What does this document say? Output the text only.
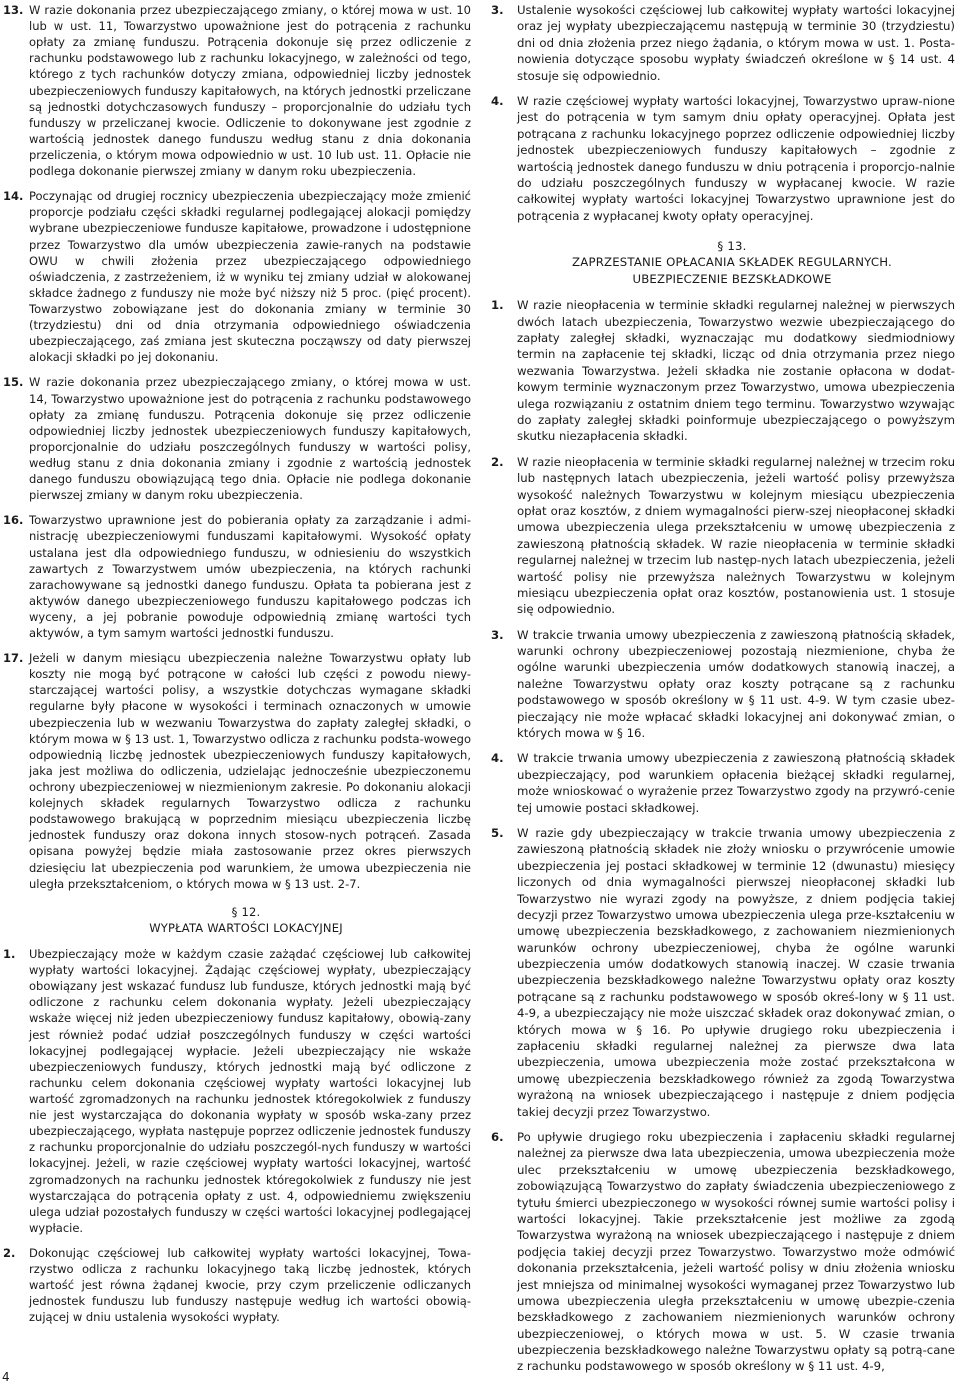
13. W razie dokonania przez ubezpieczającego zmiany, o której mowa w ust. 10 lub w ust. 11, Towarzystwo upoważnione jest do potrącenia z rachunku opłaty za zmianę funduszu. Potrącenia dokonuje się przez odliczenie z rachunku podstawowego lub z rachunku lokacyjnego, w zależności od tego, którego z tych rachunków dotyczy zmiana, odpowiedniej liczby jednostek ubezpieczeniowych funduszy kapitałowych, na których jednostki przeliczane są jednostki dotychczasowych funduszy – proporcjonalnie do udziału tych funduszy w przeliczanej kwocie. Odliczenie to dokonywane jest zgodnie z wartością jednostek danego funduszu według stanu z dnia dokonania przeliczenia, o którym mowa odpowiednio w ust. 10 lub ust. 11. Opłacie nie podlega dokonanie pierwszej zmiany w danym roku ubezpieczenia.
14. Poczynając od drugiej rocznicy ubezpieczenia ubezpieczający może zmienić proporcje podziału części składki regularnej podlegającej alokacji pomiędzy wybrane ubezpieczeniowe fundusze kapitałowe, prowadzone i udostępnione przez Towarzystwo dla umów ubezpieczenia zawie-ranych na podstawie OWU w chwili złożenia przez ubezpieczającego odpowiedniego oświadczenia, z zastrzeżeniem, iż w wyniku tej zmiany udział w alokowanej składce żadnego z funduszy nie może być niższy niż 5 proc. (pięć procent). Towarzystwo zobowiązane jest do dokonania zmiany w terminie 30 (trzydziestu) dni od dnia otrzymania odpowiedniego oświadczenia ubezpieczającego, zaś zmiana jest skuteczna począwszy od daty pierwszej alokacji składki po jej dokonaniu.
15. W razie dokonania przez ubezpieczającego zmiany, o której mowa w ust. 14, Towarzystwo upoważnione jest do potrącenia z rachunku podstawowego opłaty za zmianę funduszu. Potrącenia dokonuje się przez odliczenie odpowiedniej liczby jednostek ubezpieczeniowych funduszy kapitałowych, proporcjonalnie do udziału poszczególnych funduszy w wartości polisy, według stanu z dnia dokonania zmiany i zgodnie z wartością jednostek danego funduszu obowiązującą tego dnia. Opłacie nie podlega dokonanie pierwszej zmiany w danym roku ubezpieczenia.
16. Towarzystwo uprawnione jest do pobierania opłaty za zarządzanie i admi-nistrację ubezpieczeniowymi funduszami kapitałowymi. Wysokość opłaty ustalana jest dla odpowiedniego funduszu, w odniesieniu do wszystkich zawartych z Towarzystwem umów ubezpieczenia, na których rachunki zarachowywane są jednostki danego funduszu. Opłata ta pobierana jest z aktywów danego ubezpieczeniowego funduszu kapitałowego podczas ich wyceny, a jej pobranie powoduje odpowiednią zmianę wartości tych aktywów, a tym samym wartości jednostki funduszu.
17. Jeżeli w danym miesiącu ubezpieczenia należne Towarzystwu opłaty lub koszty nie mogą być potrącone w całości lub części z powodu niewy-starczającej wartości polisy, a wszystkie dotychczas wymagane składki regularne były płacone w wysokości i terminach oznaczonych w umowie ubezpieczenia lub w wezwaniu Towarzystwa do zapłaty zaległej składki, o którym mowa w § 13 ust. 1, Towarzystwo odlicza z rachunku podsta-wowego odpowiednią liczbę jednostek ubezpieczeniowych funduszy kapitałowych, jaka jest możliwa do odliczenia, udzielając jednocześnie ubezpieczonemu ochrony ubezpieczeniowej w niezmienionym zakresie. Po dokonaniu alokacji kolejnych składek regularnych Towarzystwo odlicza z rachunku podstawowego brakującą w poprzednim miesiącu ubezpieczenia liczbę jednostek funduszy oraz dokona innych stosow-nych potrąceń. Zasada opisana powyżej będzie miała zastosowanie przez okres pierwszych dziesięciu lat ubezpieczenia pod warunkiem, że umowa ubezpieczenia nie uległa przekształceniom, o których mowa w § 13 ust. 2-7.
§ 12.
WYPŁATA WARTOŚCI LOKACYJNEJ
1. Ubezpieczający może w każdym czasie zażądać częściowej lub całkowitej wypłaty wartości lokacyjnej. Żądając częściowej wypłaty, ubezpieczający obowiązany jest wskazać fundusz lub fundusze, których jednostki mają być odliczone z rachunku celem dokonania wypłaty. Jeżeli ubezpieczający wskaże więcej niż jeden ubezpieczeniowy fundusz kapitałowy, obowią-zany jest również podać udział poszczególnych funduszy w części wartości lokacyjnej podlegającej wypłacie. Jeżeli ubezpieczający nie wskaże ubezpieczeniowych funduszy, których jednostki mają być odliczone z rachunku celem dokonania częściowej wypłaty wartości lokacyjnej lub wartość zgromadzonych na rachunku jednostek któregokolwiek z funduszy nie jest wystarczająca do dokonania wypłaty w sposób wska-zany przez ubezpieczającego, wypłata następuje poprzez odliczenie jednostek funduszy z rachunku proporcjonalnie do udziału poszczegól-nych funduszy w wartości lokacyjnej. Jeżeli, w razie częściowej wypłaty wartości lokacyjnej, wartość zgromadzonych na rachunku jednostek któregokolwiek z funduszy nie jest wystarczająca do potrącenia opłaty z ust. 4, odpowiedniemu zwiększeniu ulega udział pozostałych funduszy w części wartości lokacyjnej podlegającej wypłacie.
2. Dokonując częściowej lub całkowitej wypłaty wartości lokacyjnej, Towa-rzystwo odlicza z rachunku lokacyjnego taką liczbę jednostek, których wartość jest równa żądanej kwocie, przy czym przeliczenie odliczanych jednostek funduszu lub funduszy następuje według ich wartości obowią-zującej w dniu ustalenia wysokości wypłaty.
3. Ustalenie wysokości częściowej lub całkowitej wypłaty wartości lokacyjnej oraz jej wypłaty ubezpieczającemu następują w terminie 30 (trzydziestu) dni od dnia złożenia przez niego żądania, o którym mowa w ust. 1. Posta-nowienia dotyczące sposobu wypłaty świadczeń określone w § 14 ust. 4 stosuje się odpowiednio.
4. W razie częściowej wypłaty wartości lokacyjnej, Towarzystwo upraw-nione jest do potrącenia w tym samym dniu opłaty operacyjnej. Opłata jest potrącana z rachunku lokacyjnego poprzez odliczenie odpowiedniej liczby jednostek ubezpieczeniowych funduszy kapitałowych – zgodnie z wartością jednostek danego funduszu w dniu potrącenia i proporcjo-nalnie do udziału poszczególnych funduszy w wypłacanej kwocie. W razie całkowitej wypłaty wartości lokacyjnej Towarzystwo uprawnione jest do potrącenia z wypłacanej kwoty opłaty operacyjnej.
§ 13.
ZAPRZESTANIE OPŁACANIA SKŁADEK REGULARNYCH.
UBEZPIECZENIE BEZSKŁADKOWE
1. W razie nieopłacenia w terminie składki regularnej należnej w pierwszych dwóch latach ubezpieczenia, Towarzystwo wezwie ubezpieczającego do zapłaty zaległej składki, wyznaczając mu dodatkowy siedmiodniowy termin na zapłacenie tej składki, licząc od dnia otrzymania przez niego wezwania Towarzystwa. Jeżeli składka nie zostanie opłacona w dodat-kowym terminie wyznaczonym przez Towarzystwo, umowa ubezpieczenia ulega rozwiązaniu z ostatnim dniem tego terminu. Towarzystwo wzywając do zapłaty zaległej składki poinformuje ubezpieczającego o powyższym skutku niezapłacenia składki.
2. W razie nieopłacenia w terminie składki regularnej należnej w trzecim roku lub następnych latach ubezpieczenia, jeżeli wartość polisy przewyższa wysokość należnych Towarzystwu w kolejnym miesiącu ubezpieczenia opłat oraz kosztów, z dniem wymagalności pierw-szej nieopłaconej składki umowa ubezpieczenia ulega przekształceniu w umowę ubezpieczenia z zawieszoną płatnością składek. W razie nieopłacenia w terminie składki regularnej należnej w trzecim lub następ-nych latach ubezpieczenia, jeżeli wartość polisy nie przewyższa należnych Towarzystwu w kolejnym miesiącu ubezpieczenia opłat oraz kosztów, postanowienia ust. 1 stosuje się odpowiednio.
3. W trakcie trwania umowy ubezpieczenia z zawieszoną płatnością składek, warunki ochrony ubezpieczeniowej pozostają niezmienione, chyba że ogólne warunki ubezpieczenia umów dodatkowych stanowią inaczej, a należne Towarzystwu opłaty oraz koszty potrącane są z rachunku podstawowego w sposób określony w § 11 ust. 4-9. W tym czasie ubez-pieczający nie może wpłacać składki lokacyjnej ani dokonywać zmian, o których mowa w § 16.
4. W trakcie trwania umowy ubezpieczenia z zawieszoną płatnością składek ubezpieczający, pod warunkiem opłacenia bieżącej składki regularnej, może wnioskować o wyrażenie przez Towarzystwo zgody na przywró-cenie tej umowie postaci składkowej.
5. W razie gdy ubezpieczający w trakcie trwania umowy ubezpieczenia z zawieszoną płatnością składek nie złoży wniosku o przywrócenie umowie ubezpieczenia jej postaci składkowej w terminie 12 (dwunastu) miesięcy liczonych od dnia wymagalności pierwszej nieopłaconej składki lub Towarzystwo nie wyrazi zgody na powyższe, z dniem podjęcia takiej decyzji przez Towarzystwo umowa ubezpieczenia ulega prze-kształceniu w umowę ubezpieczenia bezskładkowego, z zachowaniem niezmienionych warunków ochrony ubezpieczeniowej, chyba że ogólne warunki ubezpieczenia umów dodatkowych stanowią inaczej. W czasie trwania ubezpieczenia bezskładkowego należne Towarzystwu opłaty oraz koszty potrącane są z rachunku podstawowego w sposób okreś-lony w § 11 ust. 4-9, a ubezpieczający nie może uiszczać składek oraz dokonywać zmian, o których mowa w § 16. Po upływie drugiego roku ubezpieczenia i zapłaceniu składki regularnej należnej za pierwsze dwa lata ubezpieczenia, umowa ubezpieczenia może zostać przekształcona w umowę ubezpieczenia bezskładkowego również za zgodą Towarzystwa wyrażoną na wniosek ubezpieczającego i następuje z dniem podjęcia takiej decyzji przez Towarzystwo.
6. Po upływie drugiego roku ubezpieczenia i zapłaceniu składki regularnej należnej za pierwsze dwa lata ubezpieczenia, umowa ubezpieczenia może ulec przekształceniu w umowę ubezpieczenia bezskładkowego, zobowiązującą Towarzystwo do zapłaty świadczenia ubezpieczeniowego z tytułu śmierci ubezpieczonego w wysokości równej sumie wartości polisy i wartości lokacyjnej. Takie przekształcenie jest możliwe za zgodą Towarzystwa wyrażoną na wniosek ubezpieczającego i następuje z dniem podjęcia takiej decyzji przez Towarzystwo. Towarzystwo może odmówić dokonania przekształcenia, jeżeli wartość polisy w dniu złożenia wniosku jest mniejsza od minimalnej wysokości wymaganej przez Towarzystwo lub umowa ubezpieczenia uległa przekształceniu w umowę ubezpie-czenia bezskładkowego z zachowaniem niezmienionych warunków ochrony ubezpieczeniowej, o których mowa w ust. 5. W czasie trwania ubezpieczenia bezskładkowego należne Towarzystwu opłaty są potrą-cane z rachunku podstawowego w sposób określony w § 11 ust. 4-9,
4
